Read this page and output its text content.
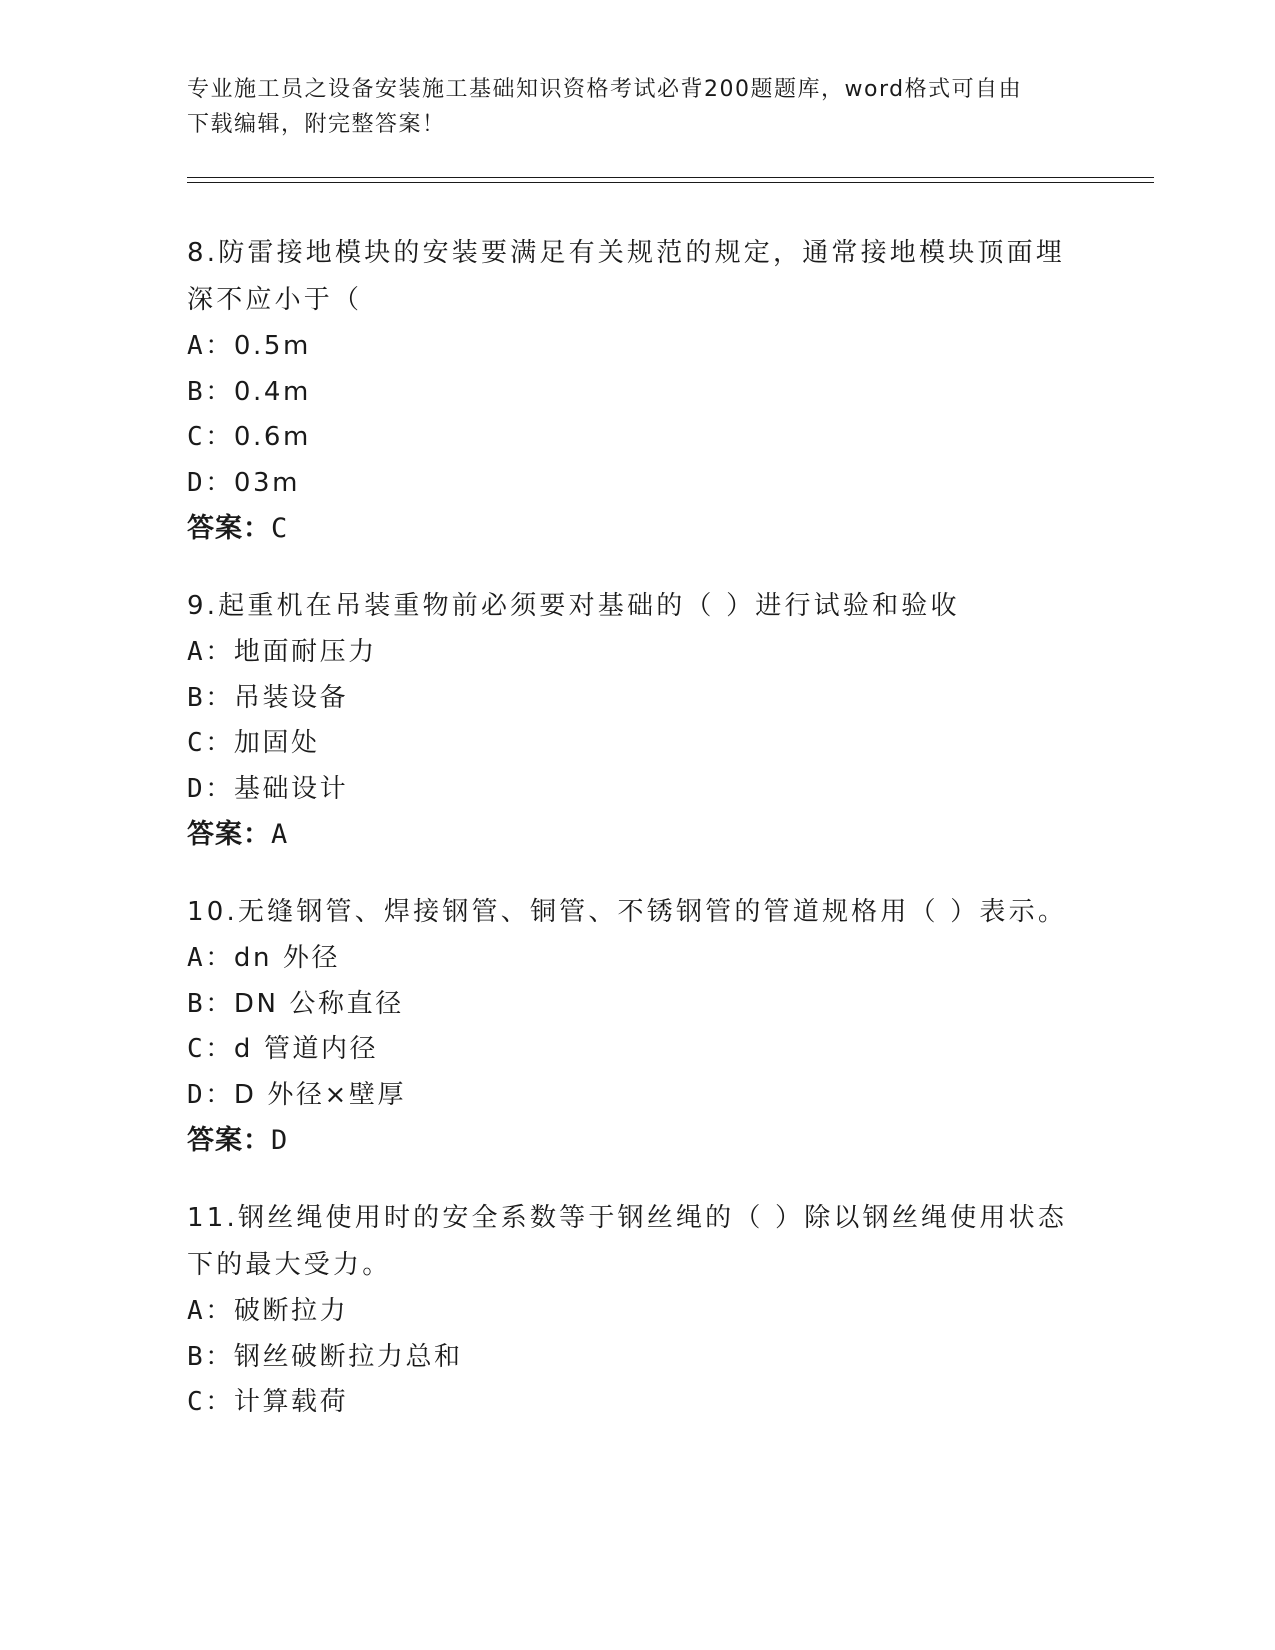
专业施工员之设备安装施工基础知识资格考试必背200题题库，word格式可自由
下载编辑，附完整答案！
8.防雷接地模块的安装要满足有关规范的规定，通常接地模块顶面埋
深不应小于（
A：0.5m
B：0.4m
C：0.6m
D：03m
答案：C
9.起重机在吊装重物前必须要对基础的（ ）进行试验和验收
A：地面耐压力
B：吊装设备
C：加固处
D：基础设计
答案：A
10.无缝钢管、焊接钢管、铜管、不锈钢管的管道规格用（ ）表示。
A：dn 外径
B：DN 公称直径
C：d 管道内径
D：D 外径×壁厚
答案：D
11.钢丝绳使用时的安全系数等于钢丝绳的（ ）除以钢丝绳使用状态
下的最大受力。
A：破断拉力
B：钢丝破断拉力总和
C：计算载荷
